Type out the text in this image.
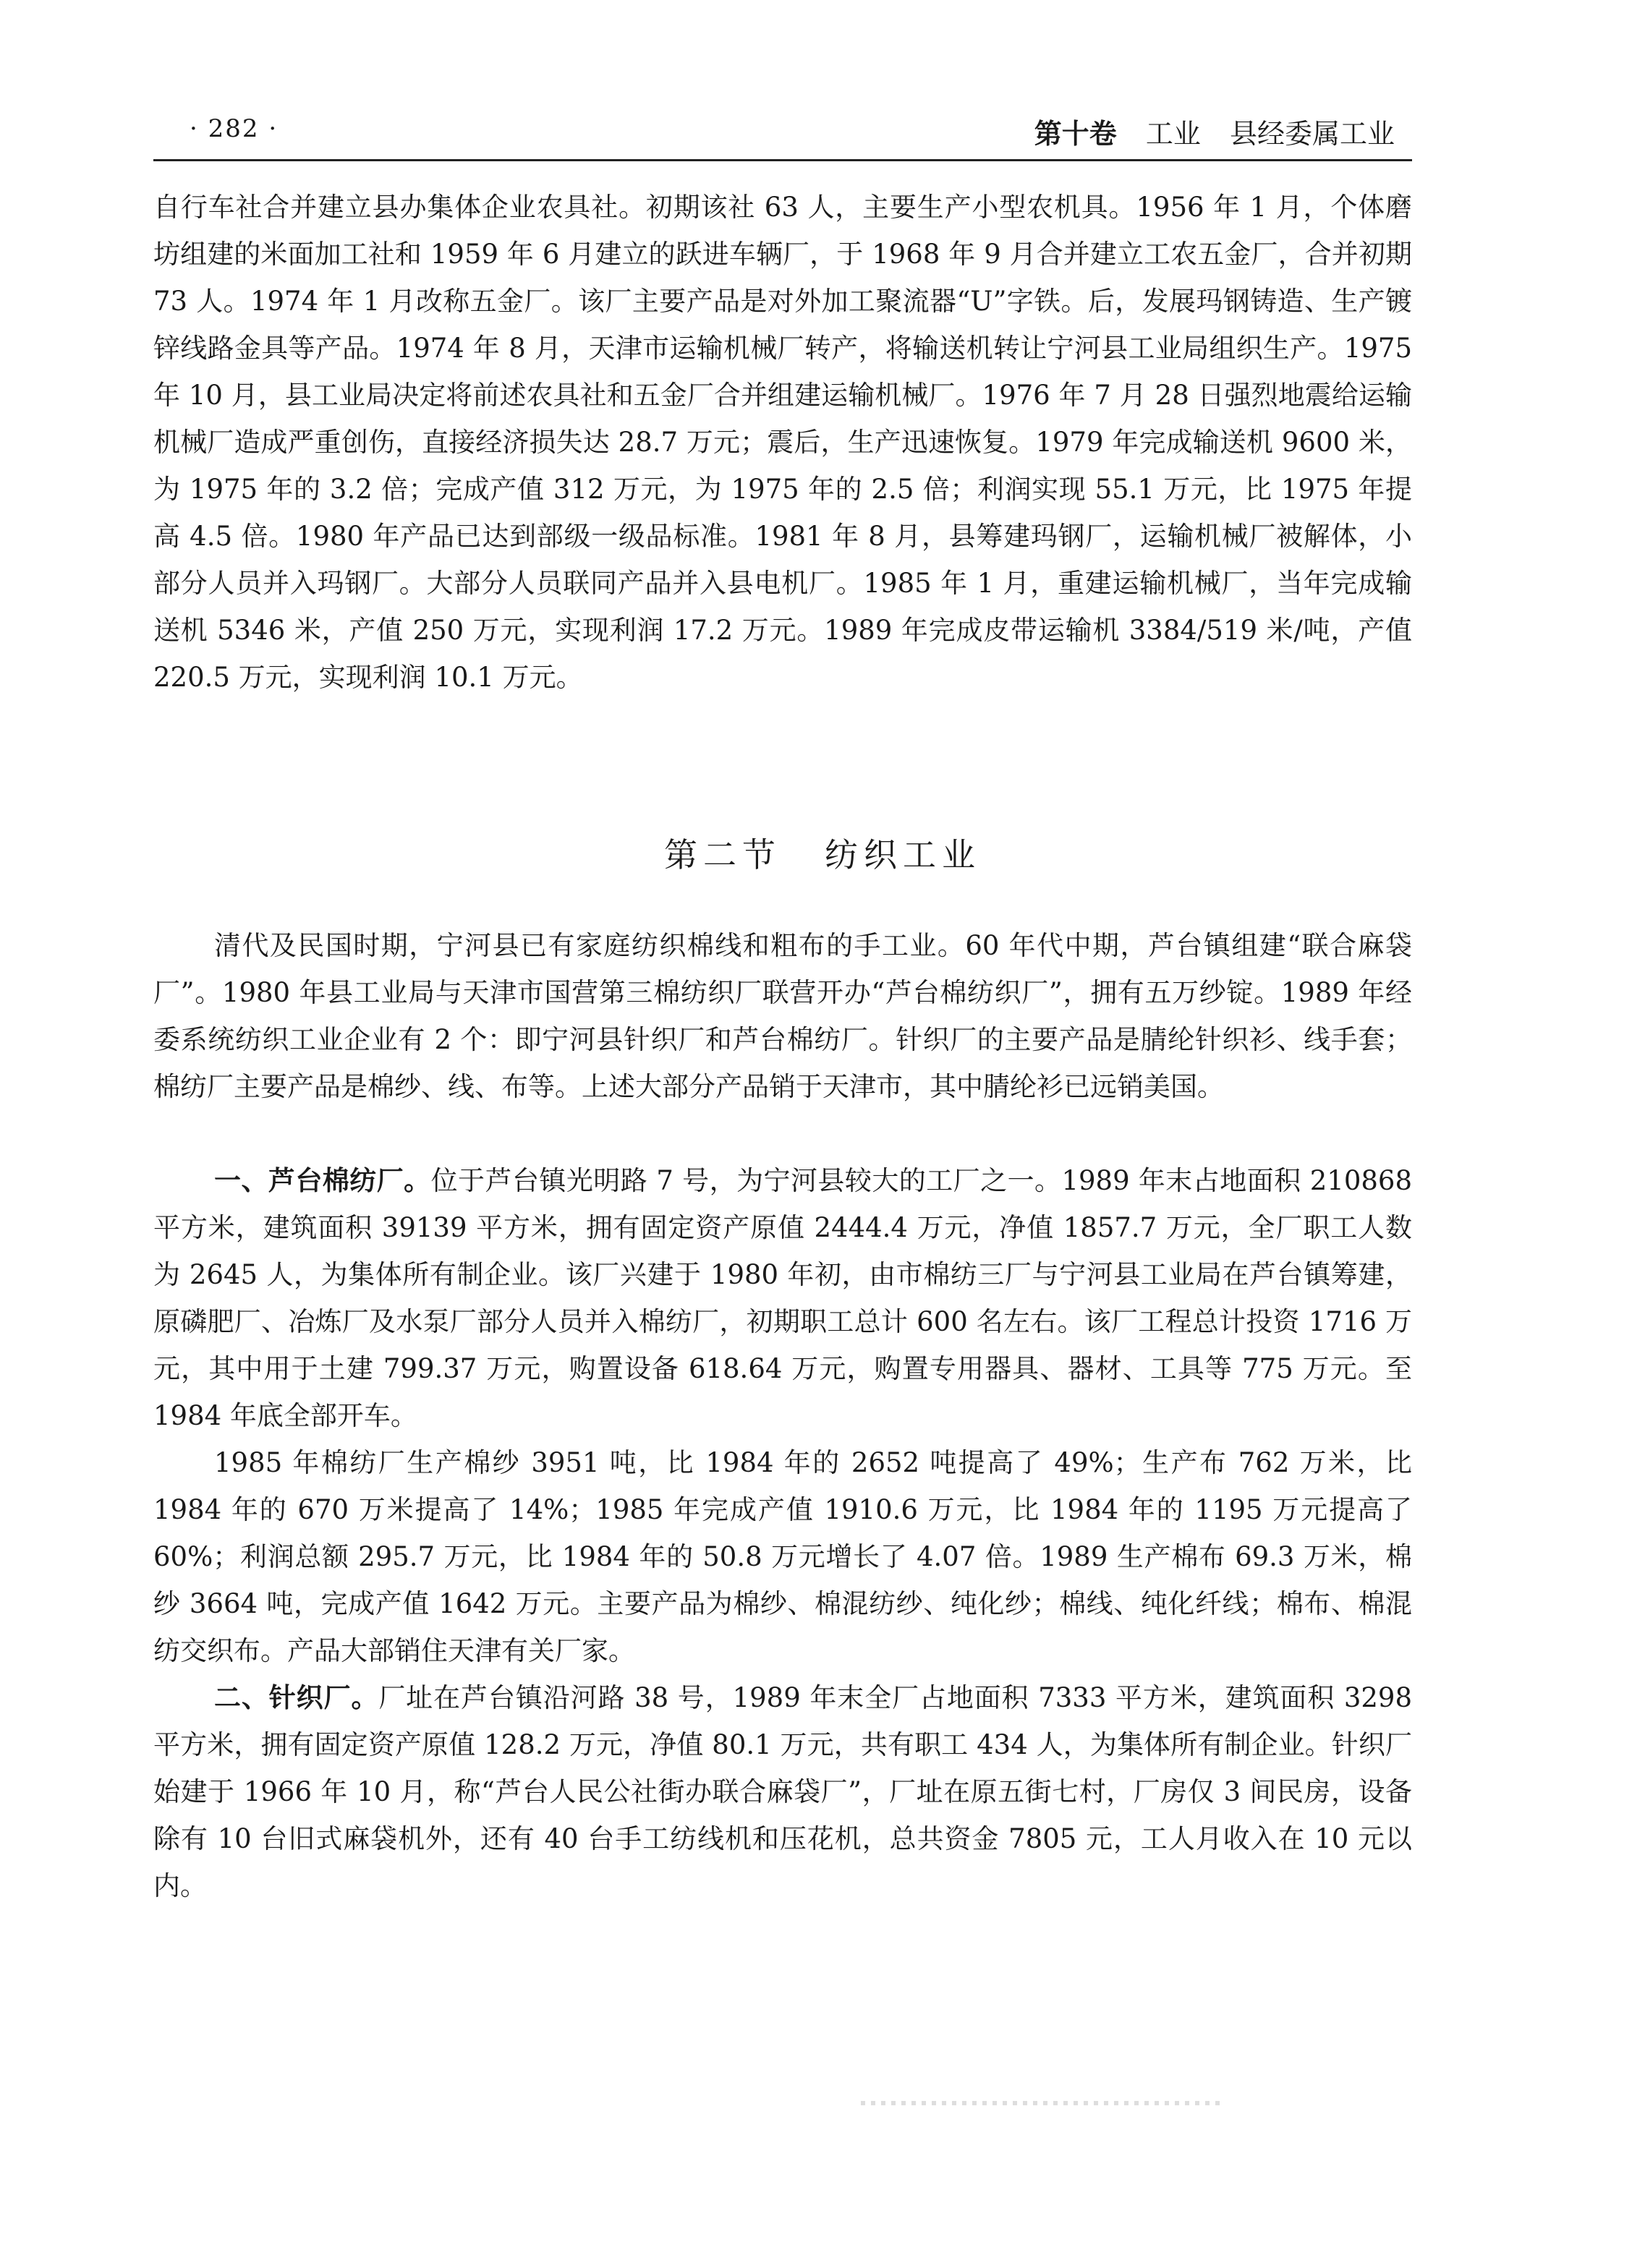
· 282 ·	第十卷 工业 县经委属工业

自行车社合并建立县办集体企业农具社。初期该社 63 人，主要生产小型农机具。1956 年 1 月，个体磨坊组建的米面加工社和 1959 年 6 月建立的跃进车辆厂，于 1968 年 9 月合并建立工农五金厂，合并初期 73 人。1974 年 1 月改称五金厂。该厂主要产品是对外加工聚流器“U”字铁。后，发展玛钢铸造、生产镀锌线路金具等产品。1974 年 8 月，天津市运输机械厂转产，将输送机转让宁河县工业局组织生产。1975 年 10 月，县工业局决定将前述农具社和五金厂合并组建运输机械厂。1976 年 7 月 28 日强烈地震给运输机械厂造成严重创伤，直接经济损失达 28.7 万元；震后，生产迅速恢复。1979 年完成输送机 9600 米，为 1975 年的 3.2 倍；完成产值 312 万元，为 1975 年的 2.5 倍；利润实现 55.1 万元，比 1975 年提高 4.5 倍。1980 年产品已达到部级一级品标准。1981 年 8 月，县筹建玛钢厂，运输机械厂被解体，小部分人员并入玛钢厂。大部分人员联同产品并入县电机厂。1985 年 1 月，重建运输机械厂，当年完成输送机 5346 米，产值 250 万元，实现利润 17.2 万元。1989 年完成皮带运输机 3384/519 米/吨，产值 220.5 万元，实现利润 10.1 万元。

第二节 纺织工业

清代及民国时期，宁河县已有家庭纺织棉线和粗布的手工业。60 年代中期，芦台镇组建“联合麻袋厂”。1980 年县工业局与天津市国营第三棉纺织厂联营开办“芦台棉纺织厂”，拥有五万纱锭。1989 年经委系统纺织工业企业有 2 个：即宁河县针织厂和芦台棉纺厂。针织厂的主要产品是腈纶针织衫、线手套；棉纺厂主要产品是棉纱、线、布等。上述大部分产品销于天津市，其中腈纶衫已远销美国。

一、芦台棉纺厂。位于芦台镇光明路 7 号，为宁河县较大的工厂之一。1989 年末占地面积 210868 平方米，建筑面积 39139 平方米，拥有固定资产原值 2444.4 万元，净值 1857.7 万元，全厂职工人数为 2645 人，为集体所有制企业。该厂兴建于 1980 年初，由市棉纺三厂与宁河县工业局在芦台镇筹建，原磷肥厂、冶炼厂及水泵厂部分人员并入棉纺厂，初期职工总计 600 名左右。该厂工程总计投资 1716 万元，其中用于土建 799.37 万元，购置设备 618.64 万元，购置专用器具、器材、工具等 775 万元。至 1984 年底全部开车。

1985 年棉纺厂生产棉纱 3951 吨，比 1984 年的 2652 吨提高了 49%；生产布 762 万米，比 1984 年的 670 万米提高了 14%；1985 年完成产值 1910.6 万元，比 1984 年的 1195 万元提高了 60%；利润总额 295.7 万元，比 1984 年的 50.8 万元增长了 4.07 倍。1989 生产棉布 69.3 万米，棉纱 3664 吨，完成产值 1642 万元。主要产品为棉纱、棉混纺纱、纯化纱；棉线、纯化纤线；棉布、棉混纺交织布。产品大部销住天津有关厂家。

二、针织厂。厂址在芦台镇沿河路 38 号，1989 年末全厂占地面积 7333 平方米，建筑面积 3298 平方米，拥有固定资产原值 128.2 万元，净值 80.1 万元，共有职工 434 人，为集体所有制企业。针织厂始建于 1966 年 10 月，称“芦台人民公社街办联合麻袋厂”，厂址在原五街七村，厂房仅 3 间民房，设备除有 10 台旧式麻袋机外，还有 40 台手工纺线机和压花机，总共资金 7805 元，工人月收入在 10 元以内。
